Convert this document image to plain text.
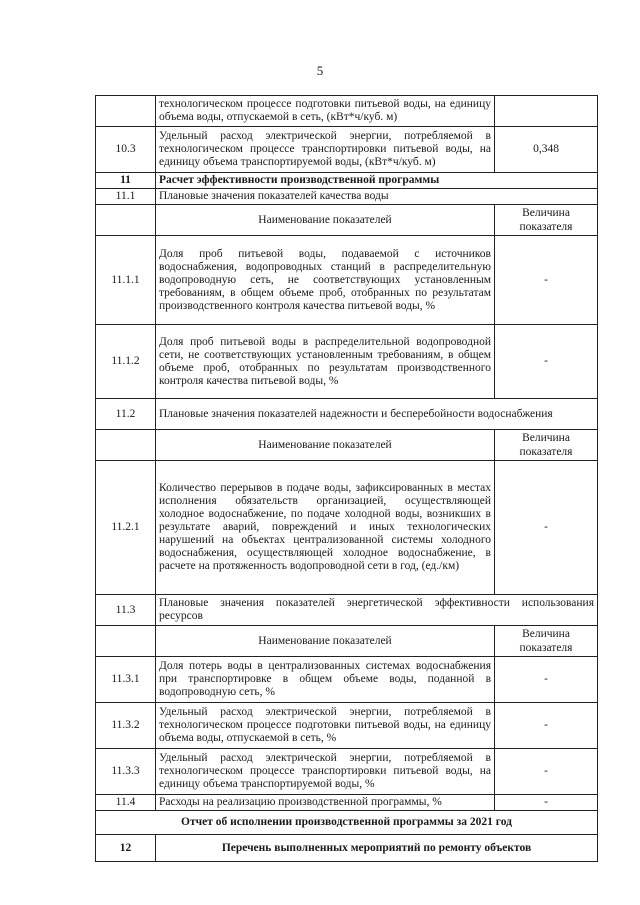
5
	технологическом процессе подготовки питьевой воды, на единицу объема воды, отпускаемой в сеть, (кВт*ч/куб. м)	
10.3	Удельный расход электрической энергии, потребляемой в технологическом процессе транспортировки питьевой воды, на единицу объема транспортируемой воды, (кВт*ч/куб. м)	0,348
11	Расчет эффективности производственной программы	
11.1	Плановые значения показателей качества воды	
	Наименование показателей	Величина показателя
11.1.1	Доля проб питьевой воды, подаваемой с источников водоснабжения, водопроводных станций в распределительную водопроводную сеть, не соответствующих установленным требованиям, в общем объеме проб, отобранных по результатам производственного контроля качества питьевой воды, %	-
11.1.2	Доля проб питьевой воды в распределительной водопроводной сети, не соответствующих установленным требованиям, в общем объеме проб, отобранных по результатам производственного контроля качества питьевой воды, %	-
11.2	Плановые значения показателей надежности и бесперебойности водоснабжения	
	Наименование показателей	Величина показателя
11.2.1	Количество перерывов в подаче воды, зафиксированных в местах исполнения обязательств организацией, осуществляющей холодное водоснабжение, по подаче холодной воды, возникших в результате аварий, повреждений и иных технологических нарушений на объектах централизованной системы холодного водоснабжения, осуществляющей холодное водоснабжение, в расчете на протяженность водопроводной сети в год, (ед./км)	-
11.3	Плановые значения показателей энергетической эффективности использования ресурсов	
	Наименование показателей	Величина показателя
11.3.1	Доля потерь воды в централизованных системах водоснабжения при транспортировке в общем объеме воды, поданной в водопроводную сеть, %	-
11.3.2	Удельный расход электрической энергии, потребляемой в технологическом процессе подготовки питьевой воды, на единицу объема воды, отпускаемой в сеть, %	-
11.3.3	Удельный расход электрической энергии, потребляемой в технологическом процессе транспортировки питьевой воды, на единицу объема транспортируемой воды, %	-
11.4	Расходы на реализацию производственной программы, %	-
Отчет об исполнении производственной программы за 2021 год		
12	Перечень выполненных мероприятий по ремонту объектов	
